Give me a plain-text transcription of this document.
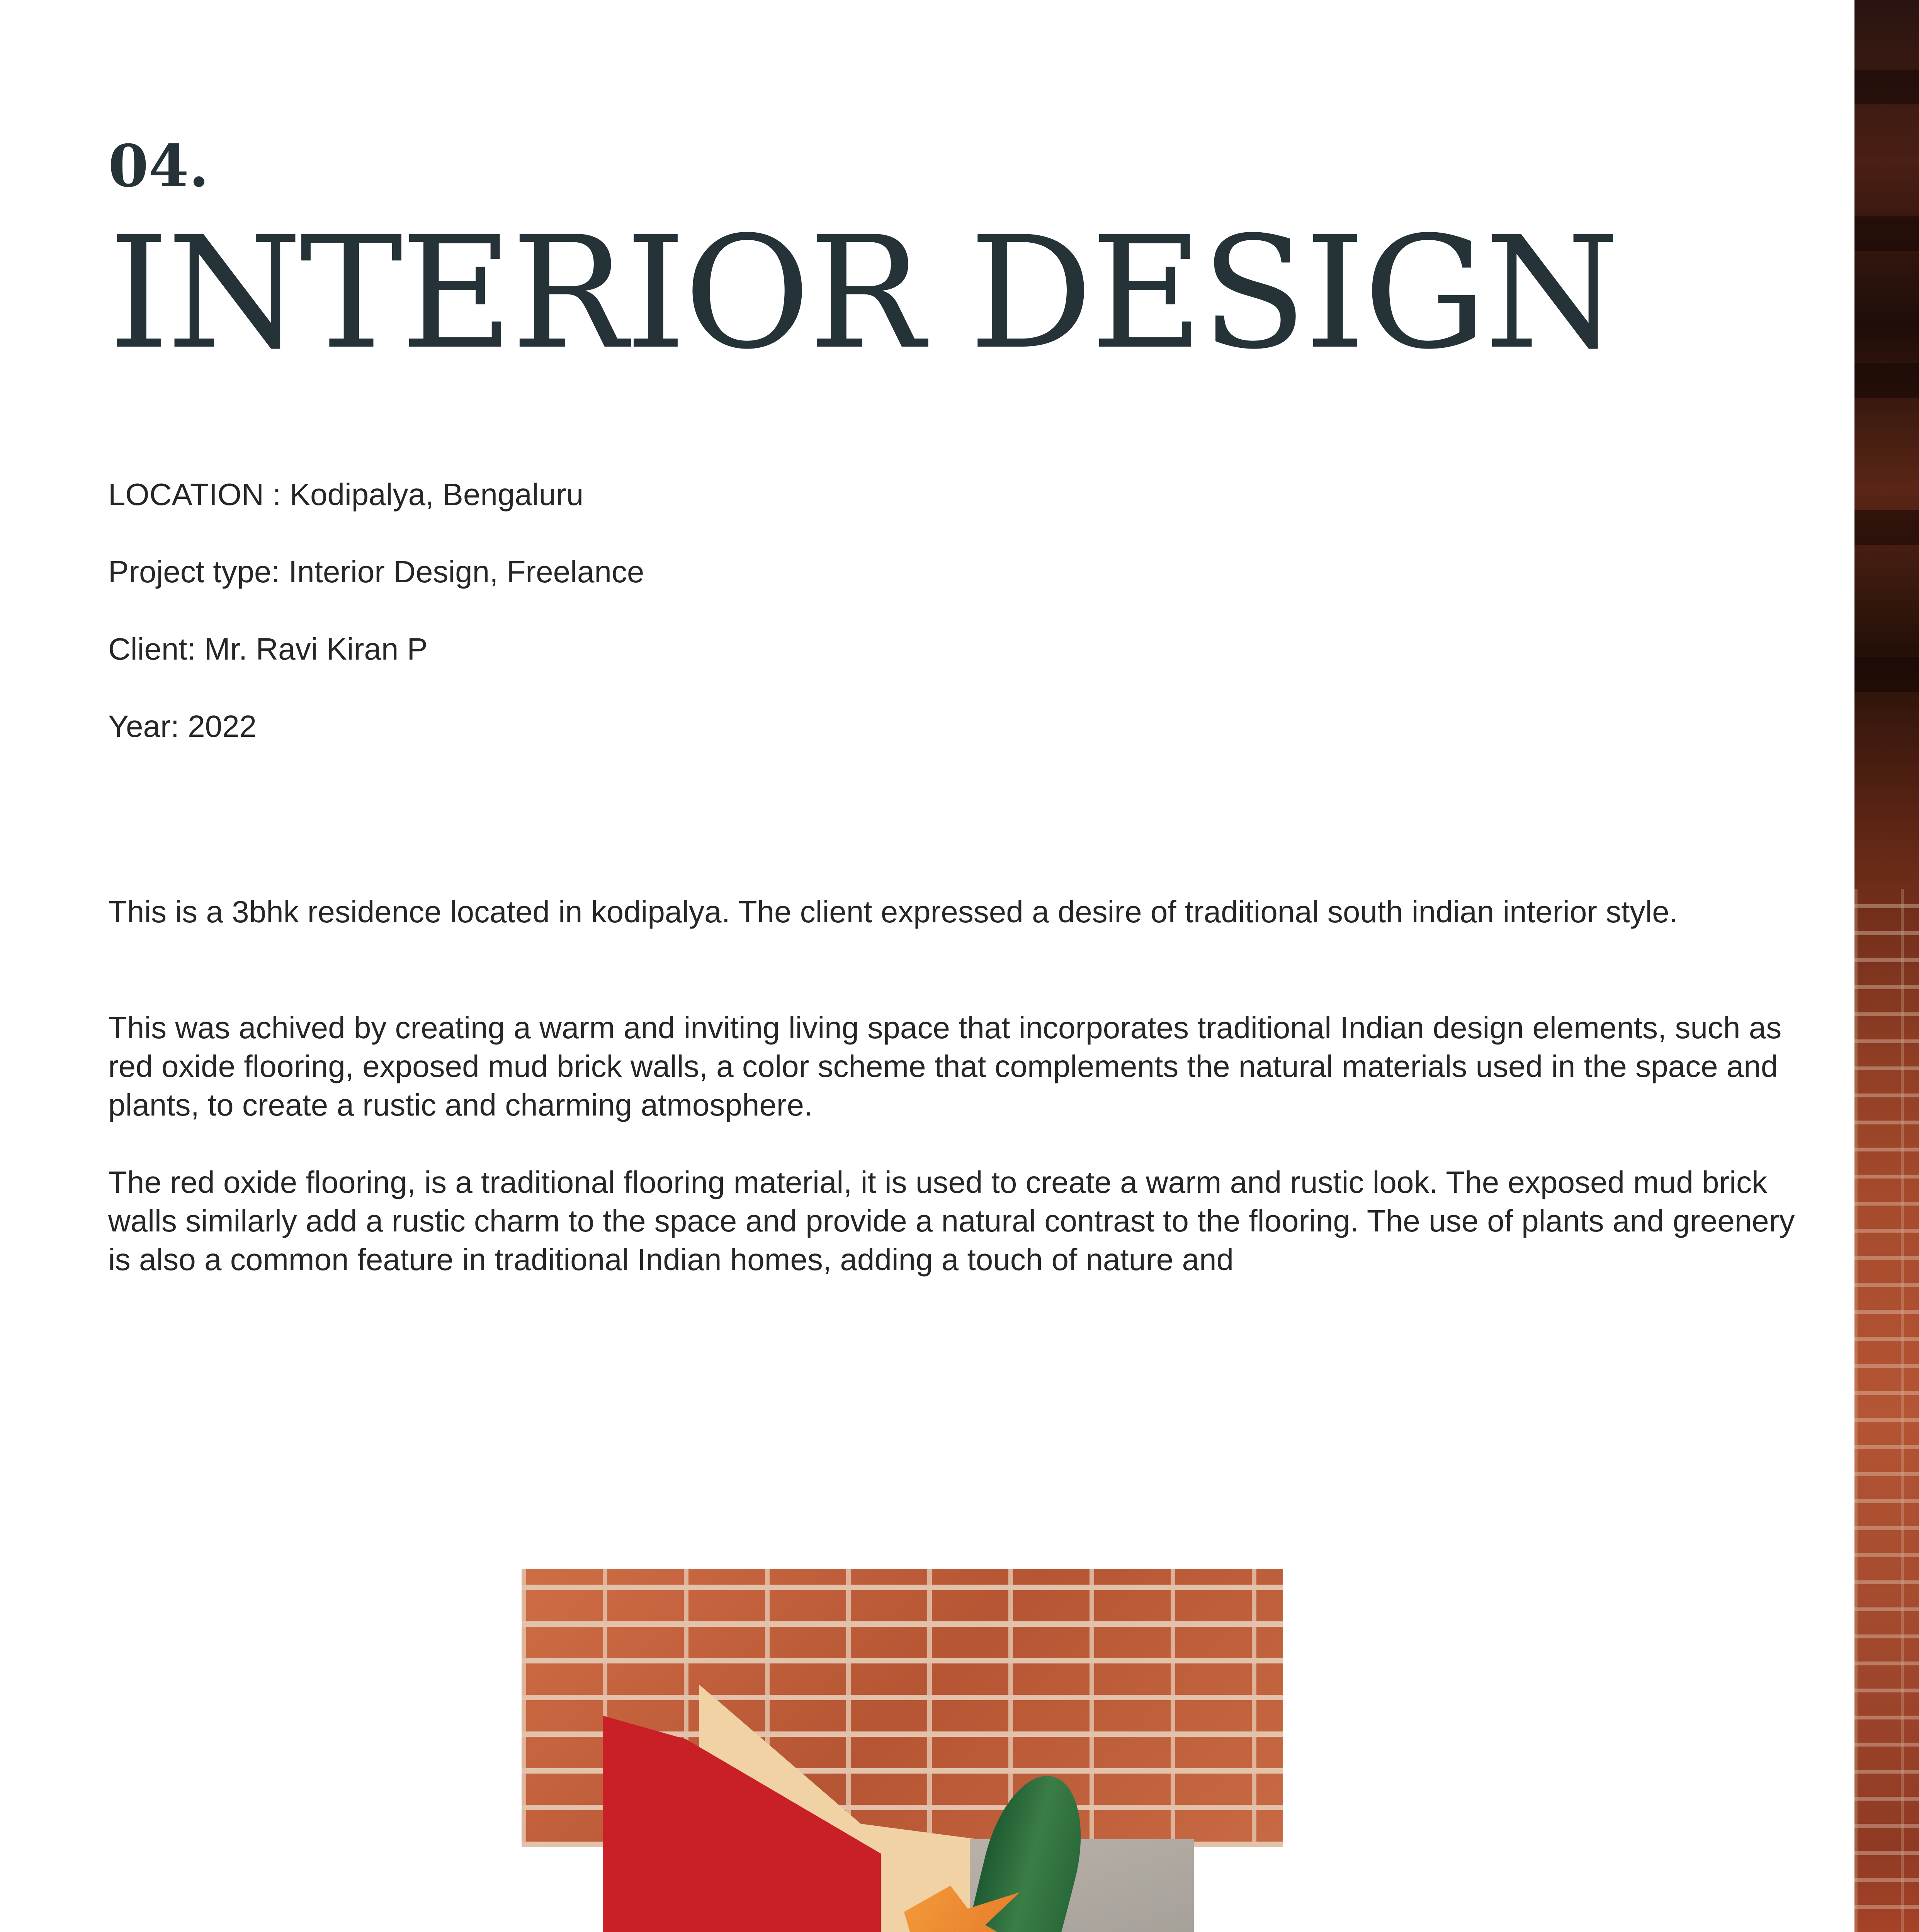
04.
INTERIOR DESIGN

LOCATION : Kodipalya, Bengaluru

Project type: Interior Design, Freelance

Client: Mr. Ravi Kiran P

Year: 2022

This is a 3bhk residence located in kodipalya. The client expressed a desire of traditional south indian interior style.

This was achived by creating a warm and inviting living space that incorporates traditional Indian design elements, such as red oxide flooring, exposed mud brick walls, a color scheme that complements the natural materials used in the space and plants, to create a rustic and charming atmosphere.

The red oxide flooring, is a traditional flooring material, it is used to create a warm and rustic look. The exposed mud brick walls similarly add a rustic charm to the space and provide a natural contrast to the flooring. The use of plants and greenery is also a common feature in traditional Indian homes, adding a touch of nature and
